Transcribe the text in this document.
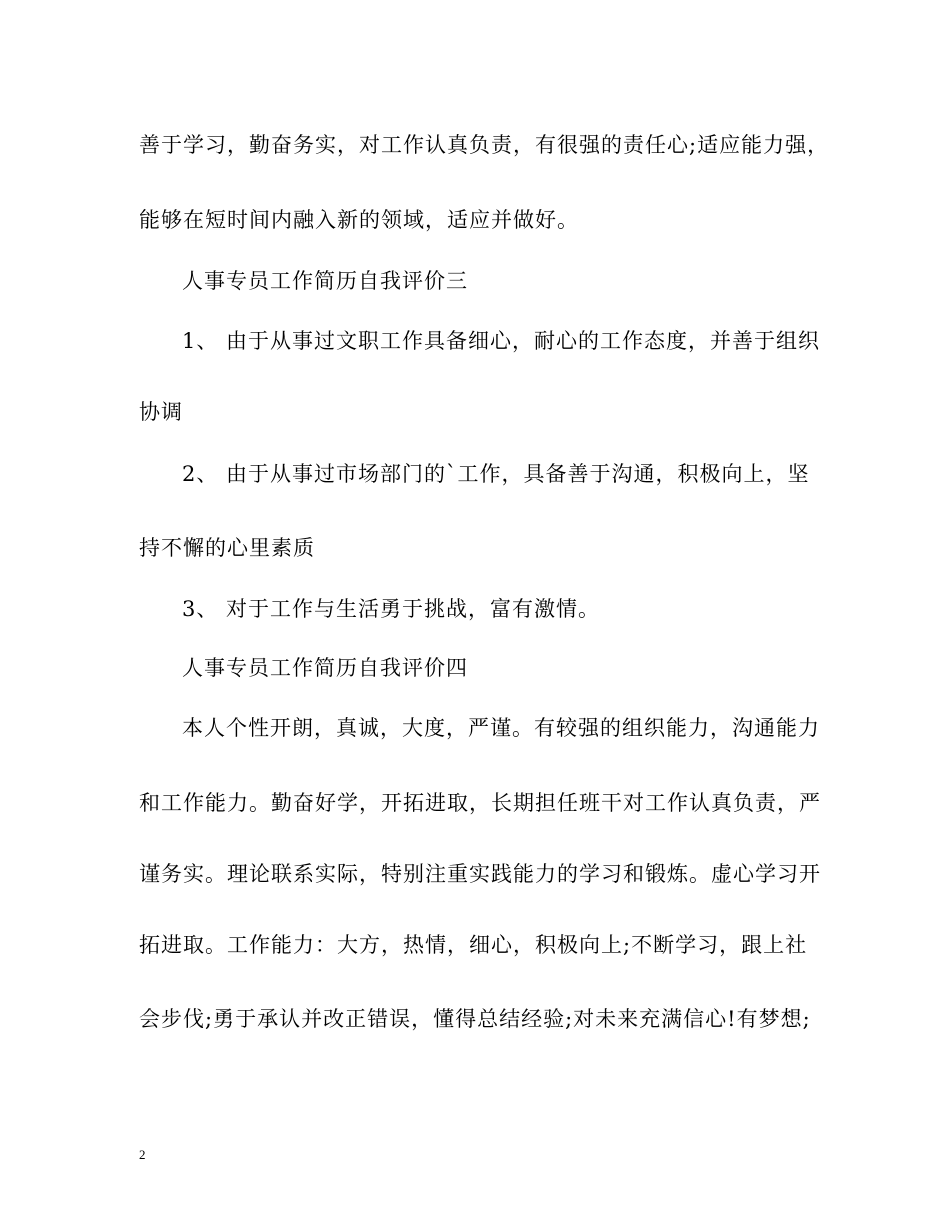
善于学习，勤奋务实，对工作认真负责，有很强的责任心;适应能力强，
能够在短时间内融入新的领域，适应并做好。
人事专员工作简历自我评价三
1、 由于从事过文职工作具备细心，耐心的工作态度，并善于组织
协调
2、 由于从事过市场部门的`工作，具备善于沟通，积极向上，坚
持不懈的心里素质
3、 对于工作与生活勇于挑战，富有激情。
人事专员工作简历自我评价四
本人个性开朗，真诚，大度，严谨。有较强的组织能力，沟通能力
和工作能力。勤奋好学，开拓进取，长期担任班干对工作认真负责，严
谨务实。理论联系实际，特别注重实践能力的学习和锻炼。虚心学习开
拓进取。工作能力：大方，热情，细心，积极向上;不断学习，跟上社
会步伐;勇于承认并改正错误，懂得总结经验;对未来充满信心!有梦想;
2
